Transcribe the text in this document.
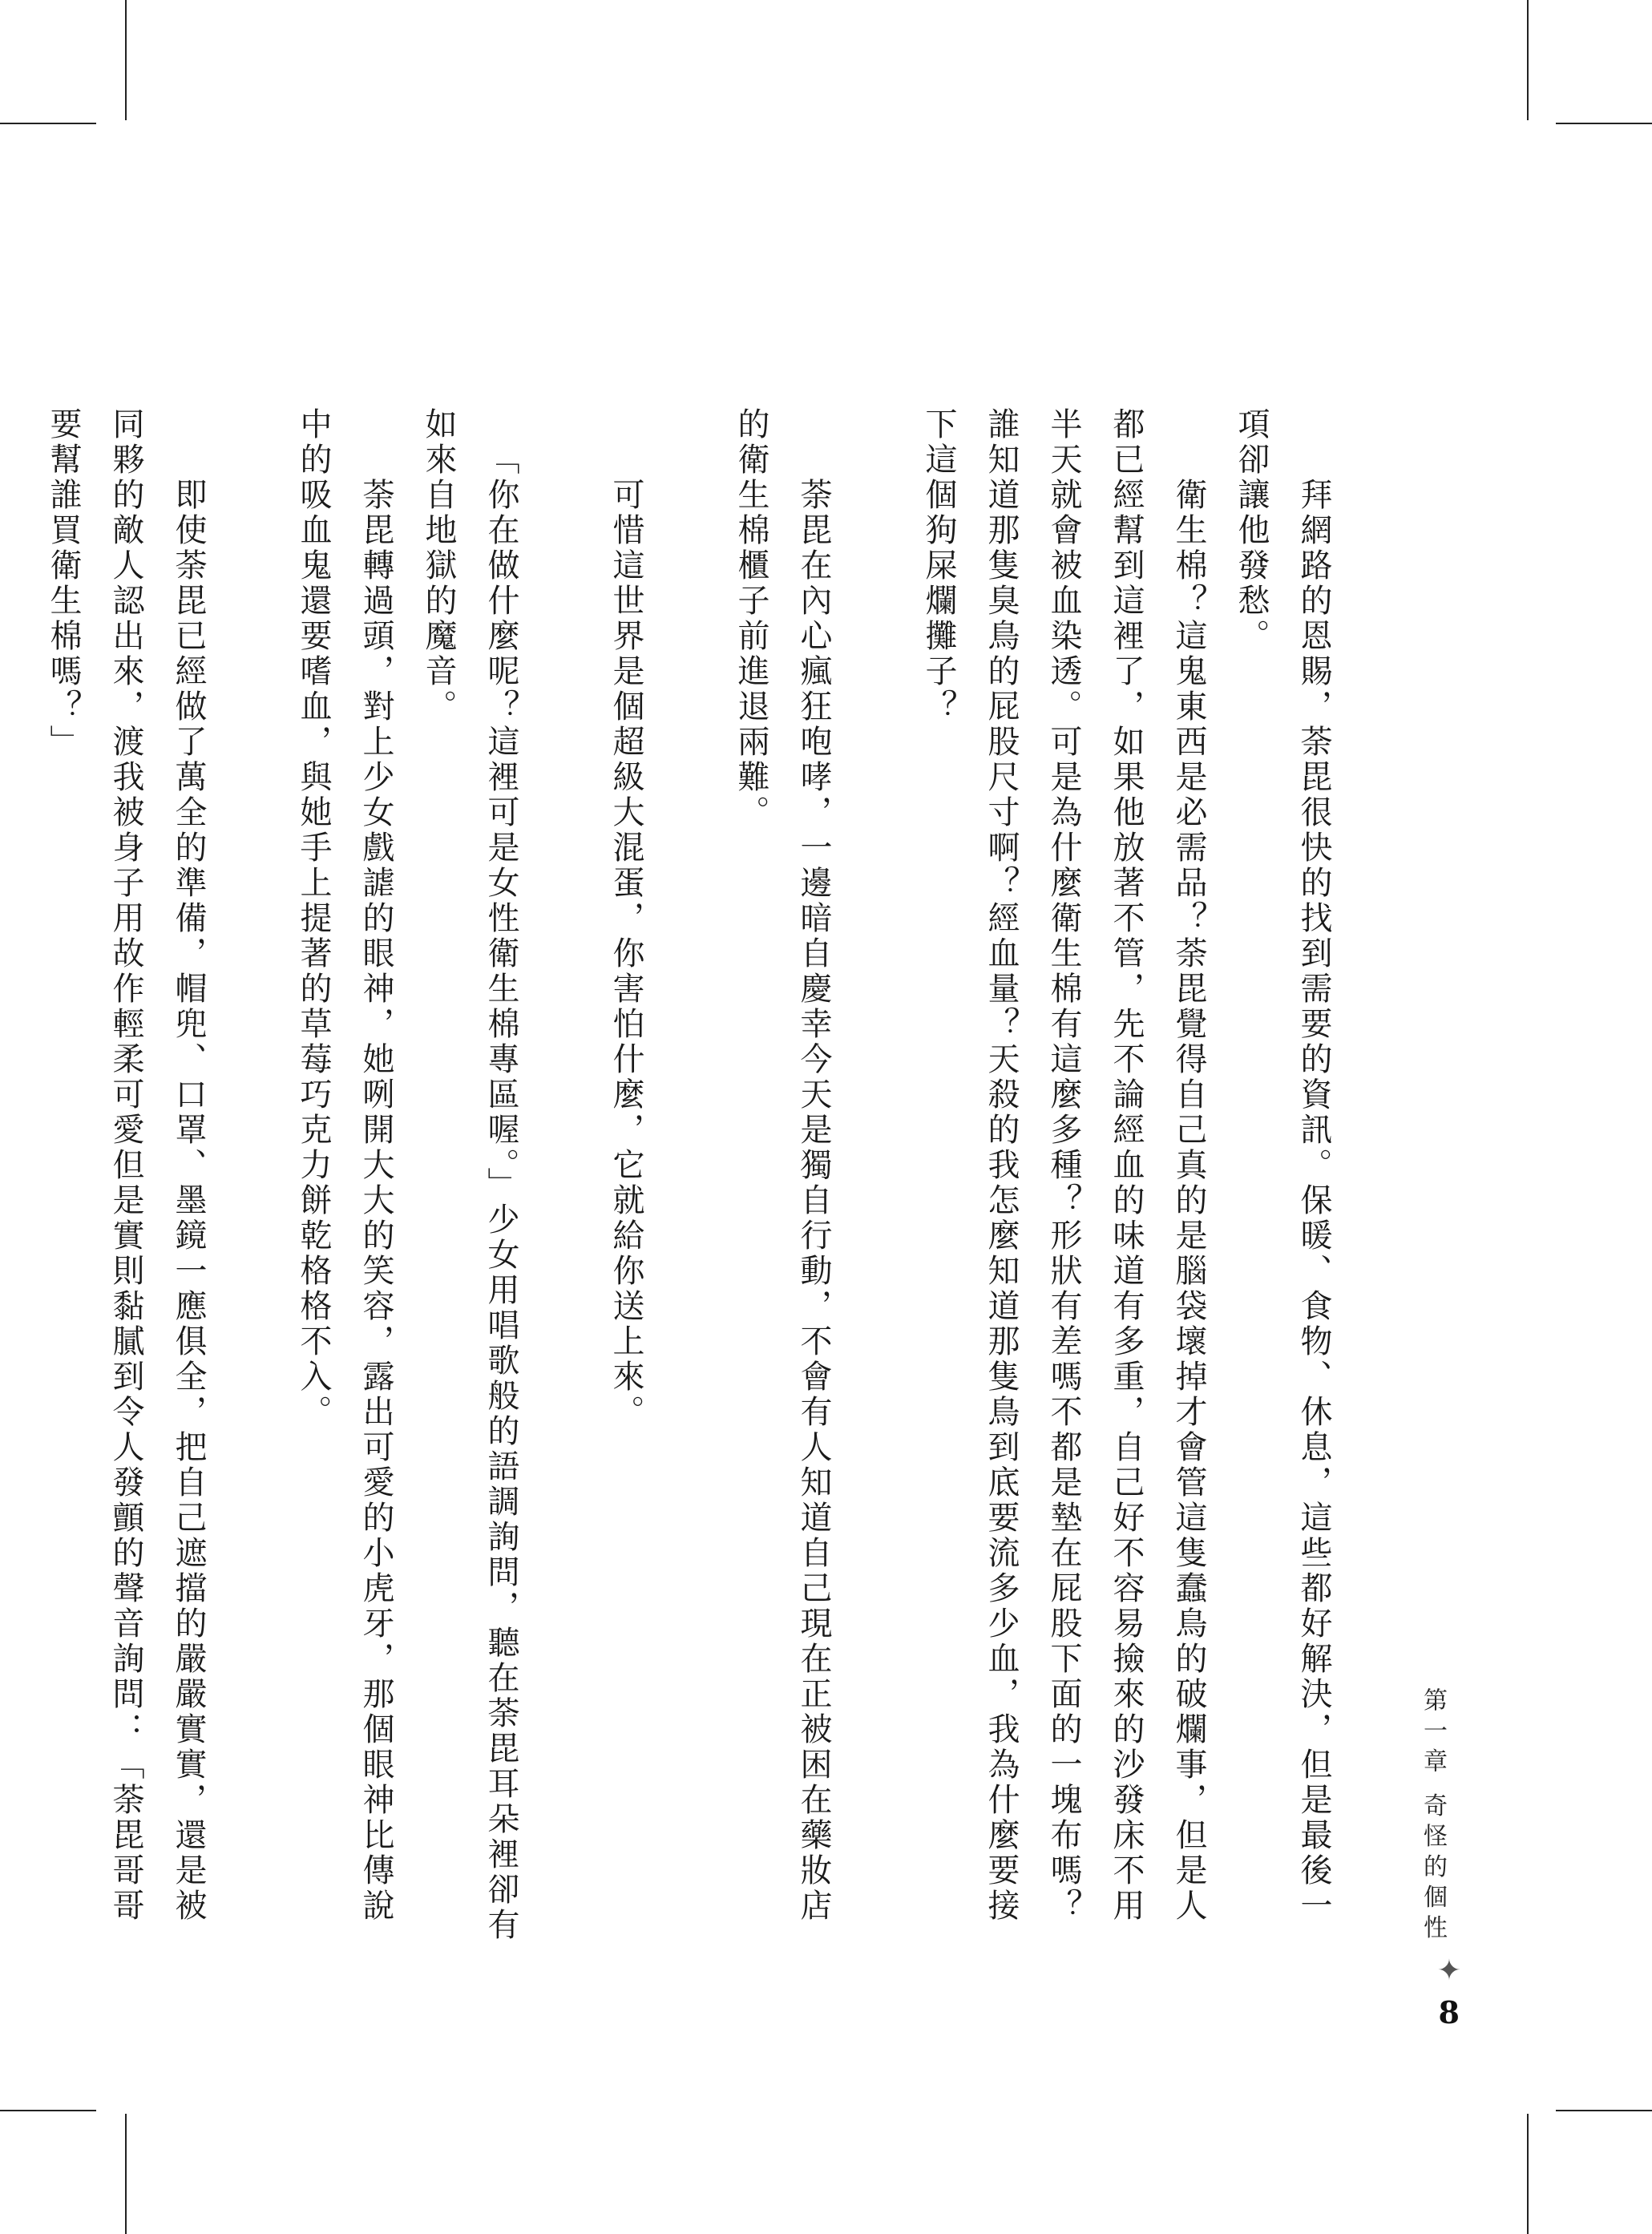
拜網路的恩賜，荼毘很快的找到需要的資訊。保暖、食物、休息，這些都好解決，但是最後一項卻讓他發愁。

衛生棉？這鬼東西是必需品？荼毘覺得自己真的是腦袋壞掉才會管這隻蠢鳥的破爛事，但是人都已經幫到這裡了，如果他放著不管，先不論經血的味道有多重，自己好不容易撿來的沙發床不用半天就會被血染透。可是為什麼衛生棉有這麼多種？形狀有差嗎不都是墊在屁股下面的一塊布嗎？誰知道那隻臭鳥的屁股尺寸啊？經血量？天殺的我怎麼知道那隻鳥到底要流多少血，我為什麼要接下這個狗屎爛攤子？

荼毘在內心瘋狂咆哮，一邊暗自慶幸今天是獨自行動，不會有人知道自己現在正被困在藥妝店的衛生棉櫃子前進退兩難。

可惜這世界是個超級大混蛋，你害怕什麼，它就給你送上來。

「你在做什麼呢？這裡可是女性衛生棉專區喔。」少女用唱歌般的語調詢問，聽在荼毘耳朵裡卻有如來自地獄的魔音。

荼毘轉過頭，對上少女戲謔的眼神，她咧開大大的笑容，露出可愛的小虎牙，那個眼神比傳說中的吸血鬼還要嗜血，與她手上提著的草莓巧克力餅乾格格不入。

即使荼毘已經做了萬全的準備，帽兜、口罩、墨鏡一應俱全，把自己遮擋的嚴嚴實實，還是被同夥的敵人認出來，渡我被身子用故作輕柔可愛但是實則黏膩到令人發顫的聲音詢問：「荼毘哥哥要幫誰買衛生棉嗎？」

第一章 奇怪的個性
✦
8
